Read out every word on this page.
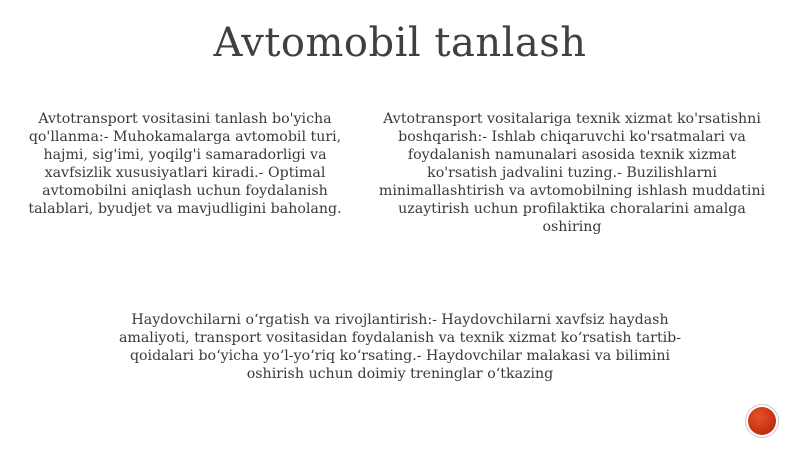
Avtomobil tanlash

Avtotransport vositasini tanlash bo'yicha qo'llanma:- Muhokamalarga avtomobil turi, hajmi, sig'imi, yoqilg'i samaradorligi va xavfsizlik xususiyatlari kiradi.- Optimal avtomobilni aniqlash uchun foydalanish talablari, byudjet va mavjudligini baholang.

Avtotransport vositalariga texnik xizmat ko'rsatishni boshqarish:- Ishlab chiqaruvchi ko'rsatmalari va foydalanish namunalari asosida texnik xizmat ko'rsatish jadvalini tuzing.- Buzilishlarni minimallashtirish va avtomobilning ishlash muddatini uzaytirish uchun profilaktika choralarini amalga oshiring

Haydovchilarni o‘rgatish va rivojlantirish:- Haydovchilarni xavfsiz haydash amaliyoti, transport vositasidan foydalanish va texnik xizmat ko‘rsatish tartib-qoidalari bo‘yicha yo‘l-yo‘riq ko‘rsating.- Haydovchilar malakasi va bilimini oshirish uchun doimiy treninglar o‘tkazing
